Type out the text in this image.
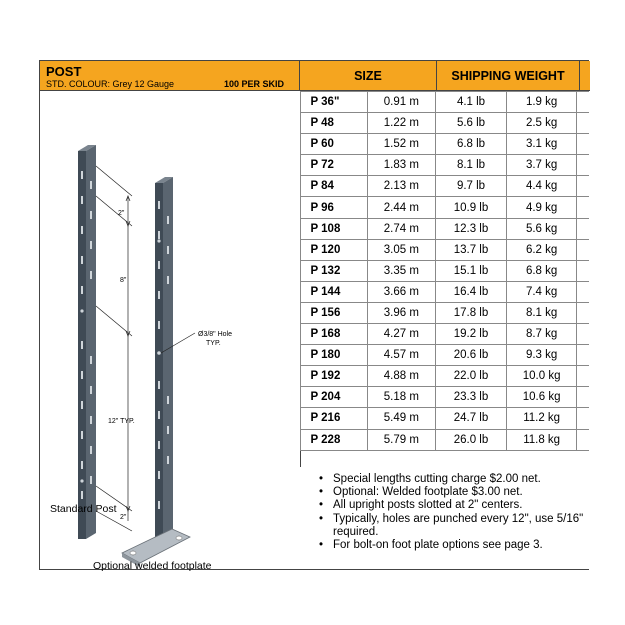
POST
STD. COLOUR: Grey 12 Gauge	100 PER SKID
SIZE	SHIPPING WEIGHT
2"
8"
12" TYP.
2"
Ø3/8" Hole
TYP.
Standard Post
Optional welded footplate
P 36"	0.91 m	4.1 lb	1.9 kg	
P 48	1.22 m	5.6 lb	2.5 kg	
P 60	1.52 m	6.8 lb	3.1 kg	
P 72	1.83 m	8.1 lb	3.7 kg	
P 84	2.13 m	9.7 lb	4.4 kg	
P 96	2.44 m	10.9 lb	4.9 kg	
P 108	2.74 m	12.3 lb	5.6 kg	
P 120	3.05 m	13.7 lb	6.2 kg	
P 132	3.35 m	15.1 lb	6.8 kg	
P 144	3.66 m	16.4 lb	7.4 kg	
P 156	3.96 m	17.8 lb	8.1 kg	
P 168	4.27 m	19.2 lb	8.7 kg	
P 180	4.57 m	20.6 lb	9.3 kg	
P 192	4.88 m	22.0 lb	10.0 kg	
P 204	5.18 m	23.3 lb	10.6 kg	
P 216	5.49 m	24.7 lb	11.2 kg	
P 228	5.79 m	26.0 lb	11.8 kg	
• Special lengths cutting charge $2.00 net.
• Optional: Welded footplate $3.00 net.
• All upright posts slotted at 2" centers.
• Typically, holes are punched every 12", use 5/16" required.
• For bolt-on foot plate options see page 3.
